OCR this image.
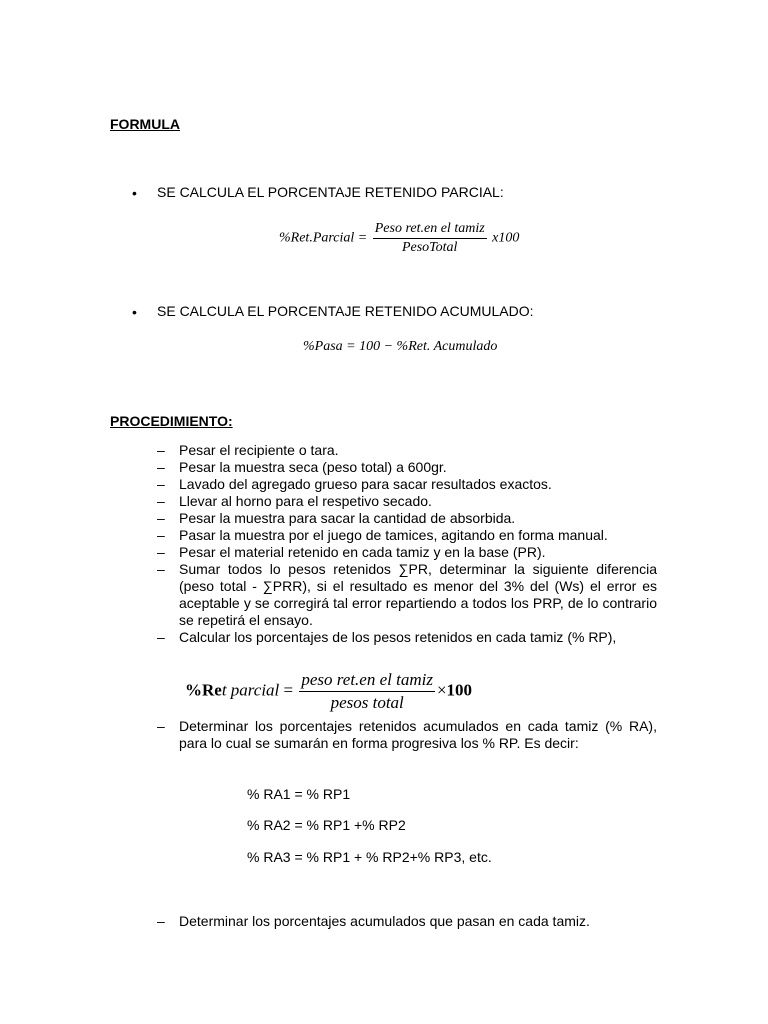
FORMULA
• SE CALCULA EL PORCENTAJE RETENIDO PARCIAL:
%Ret.Parcial = $\frac{\text{Peso ret.en el tamiz}}{\text{PesoTotal}} x100$
• SE CALCULA EL PORCENTAJE RETENIDO ACUMULADO:
%Pasa = 100 − %Ret. Acumulado
PROCEDIMIENTO:
– Pesar el recipiente o tara.
– Pesar la muestra seca (peso total) a 600gr.
– Lavado del agregado grueso para sacar resultados exactos.
– Llevar al horno para el respetivo secado.
– Pesar la muestra para sacar la cantidad de absorbida.
– Pasar la muestra por el juego de tamices, agitando en forma manual.
– Pesar el material retenido en cada tamiz y en la base (PR).
– Sumar todos lo pesos retenidos ∑PR, determinar la siguiente diferencia (peso total - ∑PRR), si el resultado es menor del 3% del (Ws) el error es aceptable y se corregirá tal error repartiendo a todos los PRP, de lo contrario se repetirá el ensayo.
– Calcular los porcentajes de los pesos retenidos en cada tamiz (% RP),
%Ret parcial = $\frac{\text{peso ret.en el tamiz}}{\text{pesos total}} \times 100$
– Determinar los porcentajes retenidos acumulados en cada tamiz (% RA), para lo cual se sumarán en forma progresiva los % RP. Es decir:
% RA1 = % RP1
% RA2 = % RP1 +% RP2
% RA3 = % RP1 + % RP2+% RP3, etc.
– Determinar los porcentajes acumulados que pasan en cada tamiz.
